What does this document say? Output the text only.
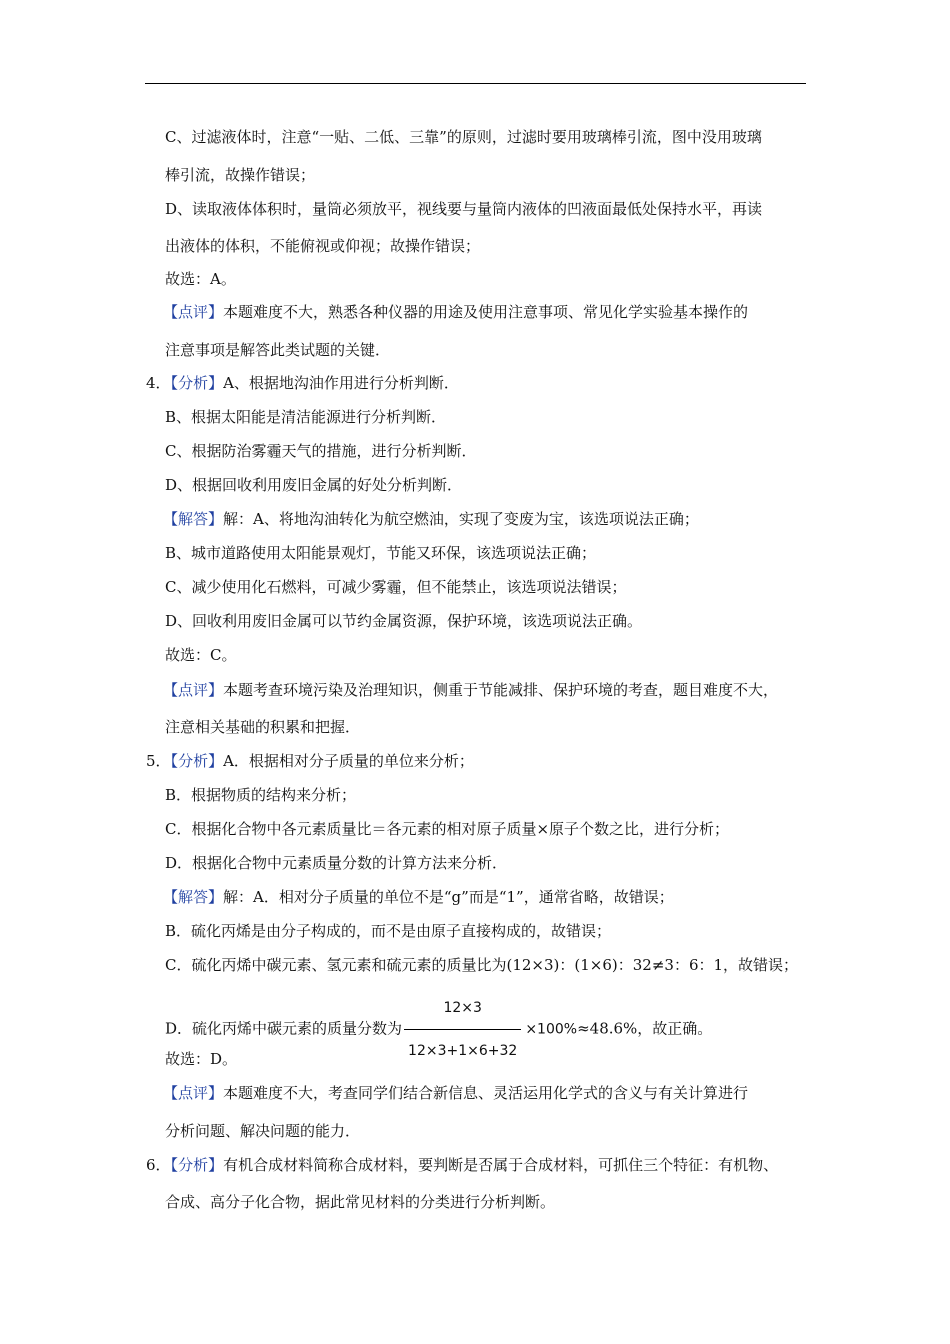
C、过滤液体时，注意“一贴、二低、三靠”的原则，过滤时要用玻璃棒引流，图中没用玻璃
棒引流，故操作错误；
D、读取液体体积时，量筒必须放平，视线要与量筒内液体的凹液面最低处保持水平，再读
出液体的体积，不能俯视或仰视；故操作错误；
故选：A。
【点评】本题难度不大，熟悉各种仪器的用途及使用注意事项、常见化学实验基本操作的
注意事项是解答此类试题的关键．
4．【分析】A、根据地沟油作用进行分析判断．
B、根据太阳能是清洁能源进行分析判断．
C、根据防治雾霾天气的措施，进行分析判断．
D、根据回收利用废旧金属的好处分析判断．
【解答】解：A、将地沟油转化为航空燃油，实现了变废为宝，该选项说法正确；
B、城市道路使用太阳能景观灯，节能又环保，该选项说法正确；
C、减少使用化石燃料，可减少雾霾，但不能禁止，该选项说法错误；
D、回收利用废旧金属可以节约金属资源，保护环境，该选项说法正确。
故选：C。
【点评】本题考查环境污染及治理知识，侧重于节能减排、保护环境的考查，题目难度不大，
注意相关基础的积累和把握．
5．【分析】A．根据相对分子质量的单位来分析；
B．根据物质的结构来分析；
C．根据化合物中各元素质量比＝各元素的相对原子质量×原子个数之比，进行分析；
D．根据化合物中元素质量分数的计算方法来分析．
【解答】解：A．相对分子质量的单位不是“g”而是“1”，通常省略，故错误；
B．硫化丙烯是由分子构成的，而不是由原子直接构成的，故错误；
C．硫化丙烯中碳元素、氢元素和硫元素的质量比为(12×3)：(1×6)：32≠3：6：1，故错误；
D．硫化丙烯中碳元素的质量分数为 $\frac{12\times 3}{12\times 3+1\times 6+32} \times 100\%\approx 48.6\%$，故正确。
故选：D。
【点评】本题难度不大，考查同学们结合新信息、灵活运用化学式的含义与有关计算进行
分析问题、解决问题的能力．
6．【分析】有机合成材料简称合成材料，要判断是否属于合成材料，可抓住三个特征：有机物、
合成、高分子化合物，据此常见材料的分类进行分析判断。
